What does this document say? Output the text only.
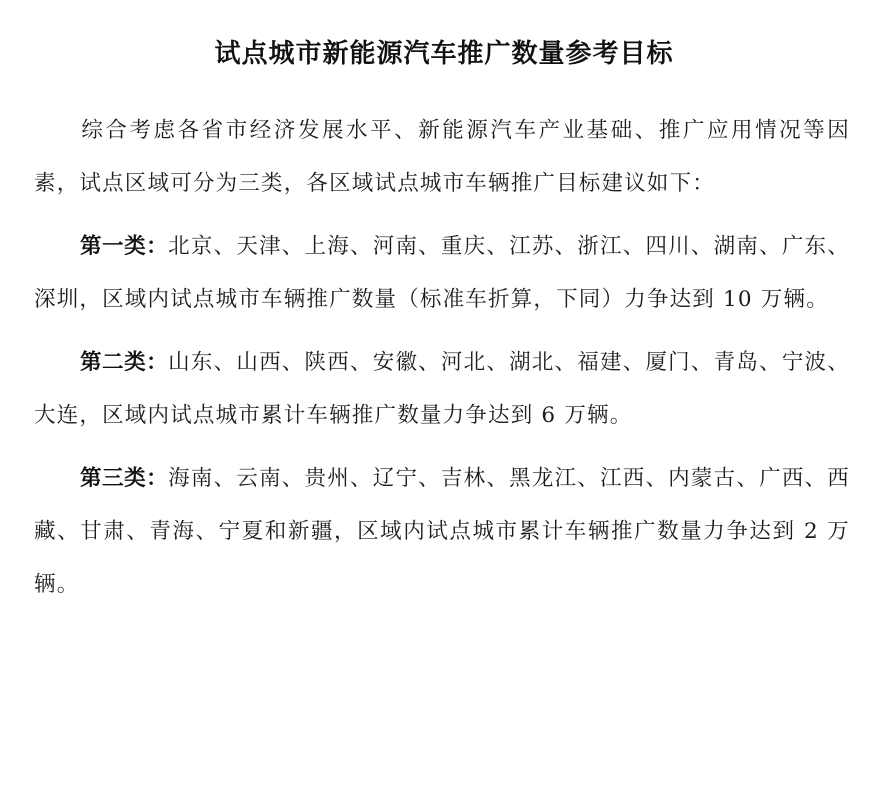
试点城市新能源汽车推广数量参考目标

综合考虑各省市经济发展水平、新能源汽车产业基础、推广应用情况等因素，试点区域可分为三类，各区域试点城市车辆推广目标建议如下：

第一类：北京、天津、上海、河南、重庆、江苏、浙江、四川、湖南、广东、深圳，区域内试点城市车辆推广数量（标准车折算，下同）力争达到 10 万辆。

第二类：山东、山西、陕西、安徽、河北、湖北、福建、厦门、青岛、宁波、大连，区域内试点城市累计车辆推广数量力争达到 6 万辆。

第三类：海南、云南、贵州、辽宁、吉林、黑龙江、江西、内蒙古、广西、西藏、甘肃、青海、宁夏和新疆，区域内试点城市累计车辆推广数量力争达到 2 万辆。
